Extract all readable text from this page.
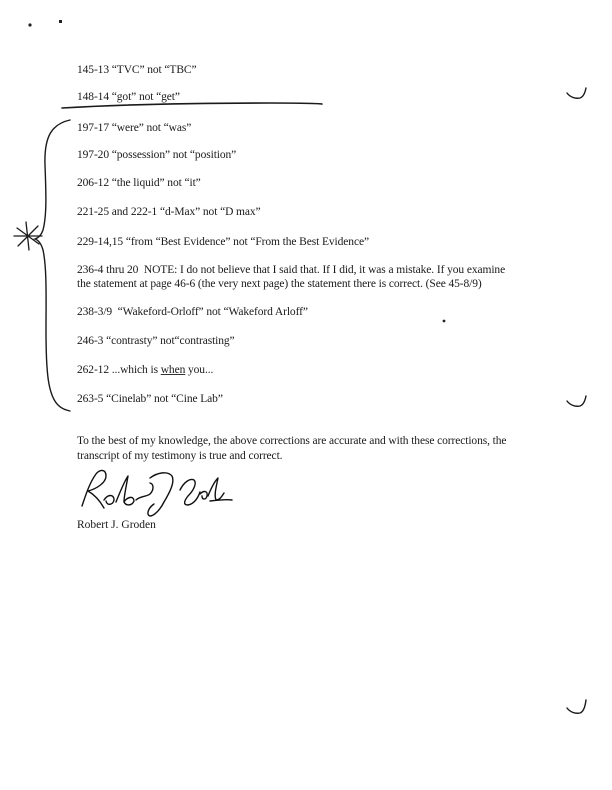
145-13 “TVC” not “TBC”
148-14 “got” not “get”
197-17 “were” not “was”
197-20 “possession” not “position”
206-12 “the liquid” not “it”
221-25 and 222-1 “d-Max” not “D max”
229-14,15 “from “Best Evidence” not “From the Best Evidence”
236-4 thru 20 NOTE: I do not believe that I said that. If I did, it was a mistake. If you examine
the statement at page 46-6 (the very next page) the statement there is correct. (See 45-8/9)
238-3/9 “Wakeford-Orloff” not “Wakeford Arloff”
246-3 “contrasty” not“contrasting”
262-12 ...which is when you...
263-5 “Cinelab” not “Cine Lab”
To the best of my knowledge, the above corrections are accurate and with these corrections, the
transcript of my testimony is true and correct.
Robert J. Groden
